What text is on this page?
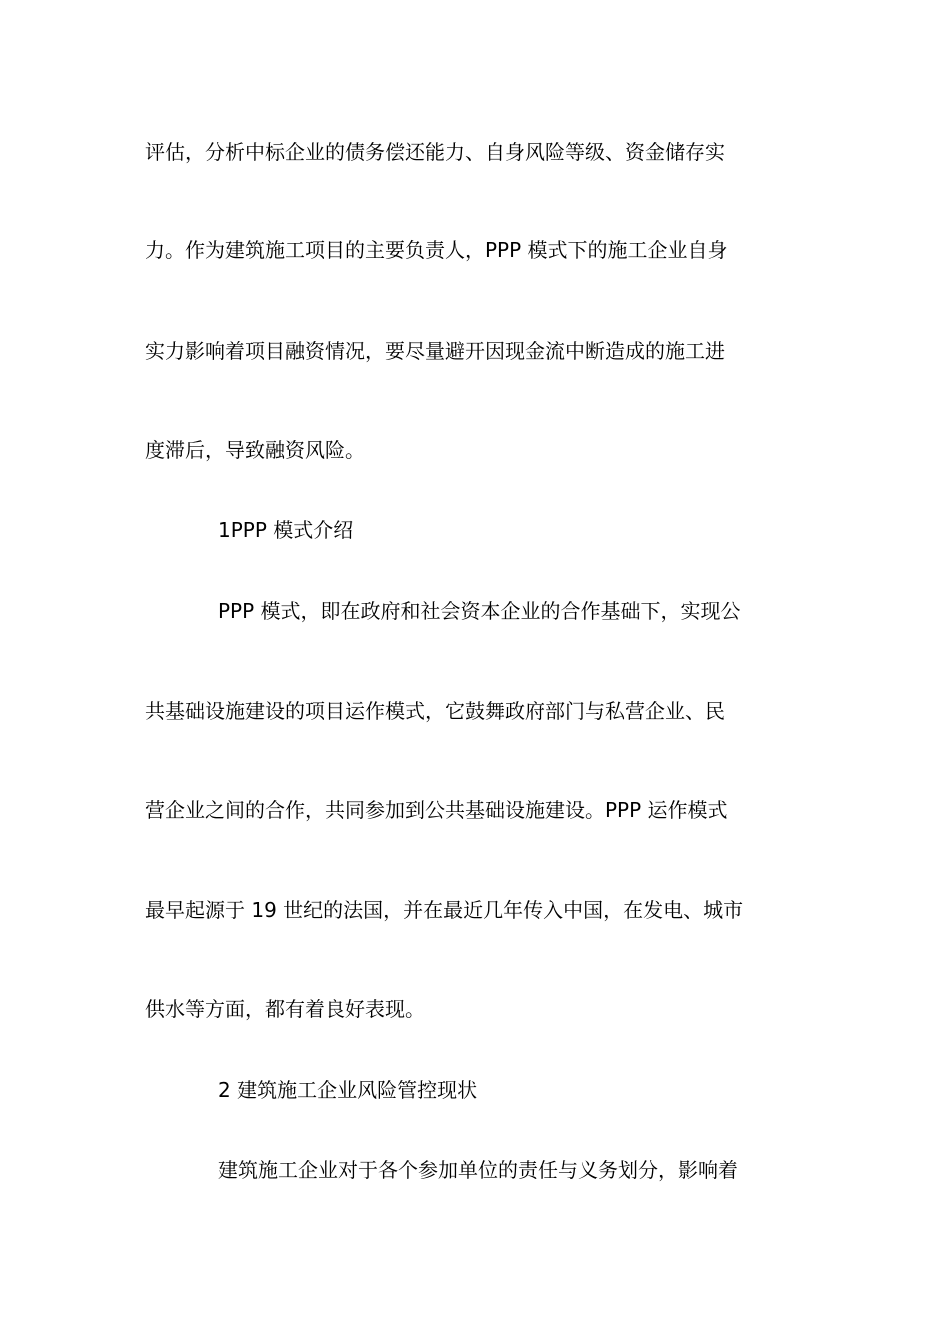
评估，分析中标企业的债务偿还能力、自身风险等级、资金储存实
力。作为建筑施工项目的主要负责人，PPP 模式下的施工企业自身
实力影响着项目融资情况，要尽量避开因现金流中断造成的施工进
度滞后，导致融资风险。
1PPP 模式介绍
PPP 模式，即在政府和社会资本企业的合作基础下，实现公
共基础设施建设的项目运作模式，它鼓舞政府部门与私营企业、民
营企业之间的合作，共同参加到公共基础设施建设。PPP 运作模式
最早起源于 19 世纪的法国，并在最近几年传入中国，在发电、城市
供水等方面，都有着良好表现。
2 建筑施工企业风险管控现状
建筑施工企业对于各个参加单位的责任与义务划分，影响着
